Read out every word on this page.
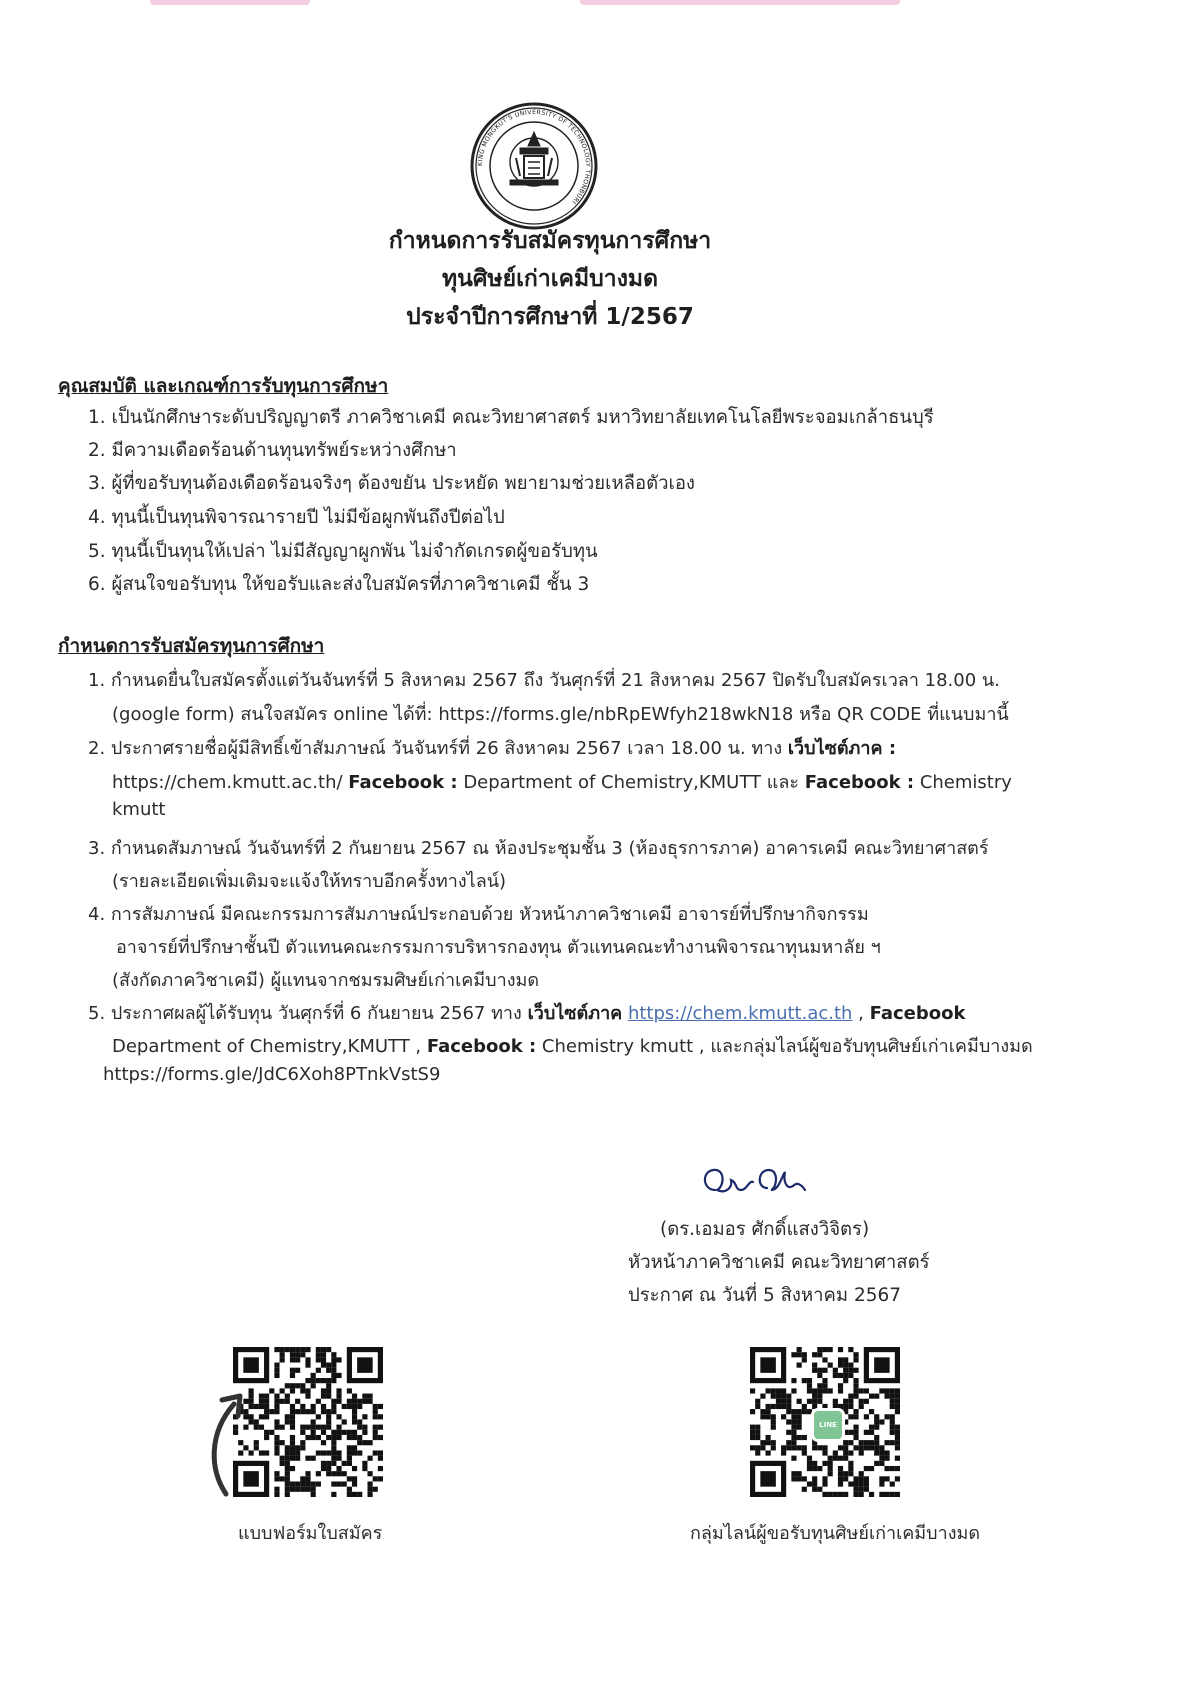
KING MONGKUT'S UNIVERSITY OF TECHNOLOGY THONBURI
กำหนดการรับสมัครทุนการศึกษา
ทุนศิษย์เก่าเคมีบางมด
ประจำปีการศึกษาที่ 1/2567
คุณสมบัติ และเกณฑ์การรับทุนการศึกษา
1. เป็นนักศึกษาระดับปริญญาตรี ภาควิชาเคมี คณะวิทยาศาสตร์ มหาวิทยาลัยเทคโนโลยีพระจอมเกล้าธนบุรี
2. มีความเดือดร้อนด้านทุนทรัพย์ระหว่างศึกษา
3. ผู้ที่ขอรับทุนต้องเดือดร้อนจริงๆ ต้องขยัน ประหยัด พยายามช่วยเหลือตัวเอง
4. ทุนนี้เป็นทุนพิจารณารายปี ไม่มีข้อผูกพันถึงปีต่อไป
5. ทุนนี้เป็นทุนให้เปล่า ไม่มีสัญญาผูกพัน ไม่จำกัดเกรดผู้ขอรับทุน
6. ผู้สนใจขอรับทุน ให้ขอรับและส่งใบสมัครที่ภาควิชาเคมี ชั้น 3
กำหนดการรับสมัครทุนการศึกษา
1. กำหนดยื่นใบสมัครตั้งแต่วันจันทร์ที่ 5 สิงหาคม 2567 ถึง วันศุกร์ที่ 21 สิงหาคม 2567 ปิดรับใบสมัครเวลา 18.00 น.
(google form) สนใจสมัคร online ได้ที่: https://forms.gle/nbRpEWfyh218wkN18 หรือ QR CODE ที่แนบมานี้
2. ประกาศรายชื่อผู้มีสิทธิ์เข้าสัมภาษณ์ วันจันทร์ที่ 26 สิงหาคม 2567 เวลา 18.00 น. ทาง เว็บไซต์ภาค :
https://chem.kmutt.ac.th/ Facebook : Department of Chemistry,KMUTT และ Facebook : Chemistry
kmutt
3. กำหนดสัมภาษณ์ วันจันทร์ที่ 2 กันยายน 2567 ณ ห้องประชุมชั้น 3 (ห้องธุรการภาค) อาคารเคมี คณะวิทยาศาสตร์
(รายละเอียดเพิ่มเติมจะแจ้งให้ทราบอีกครั้งทางไลน์)
4. การสัมภาษณ์ มีคณะกรรมการสัมภาษณ์ประกอบด้วย หัวหน้าภาควิชาเคมี อาจารย์ที่ปรึกษากิจกรรม
อาจารย์ที่ปรึกษาชั้นปี ตัวแทนคณะกรรมการบริหารกองทุน ตัวแทนคณะทำงานพิจารณาทุนมหาลัย ฯ
(สังกัดภาควิชาเคมี) ผู้แทนจากชมรมศิษย์เก่าเคมีบางมด
5. ประกาศผลผู้ได้รับทุน วันศุกร์ที่ 6 กันยายน 2567 ทาง เว็บไซต์ภาค https://chem.kmutt.ac.th , Facebook
Department of Chemistry,KMUTT , Facebook : Chemistry kmutt , และกลุ่มไลน์ผู้ขอรับทุนศิษย์เก่าเคมีบางมด
https://forms.gle/JdC6Xoh8PTnkVstS9
(ดร.เอมอร ศักดิ์แสงวิจิตร)
หัวหน้าภาควิชาเคมี คณะวิทยาศาสตร์
ประกาศ ณ วันที่ 5 สิงหาคม 2567
แบบฟอร์มใบสมัคร
LINE
กลุ่มไลน์ผู้ขอรับทุนศิษย์เก่าเคมีบางมด
